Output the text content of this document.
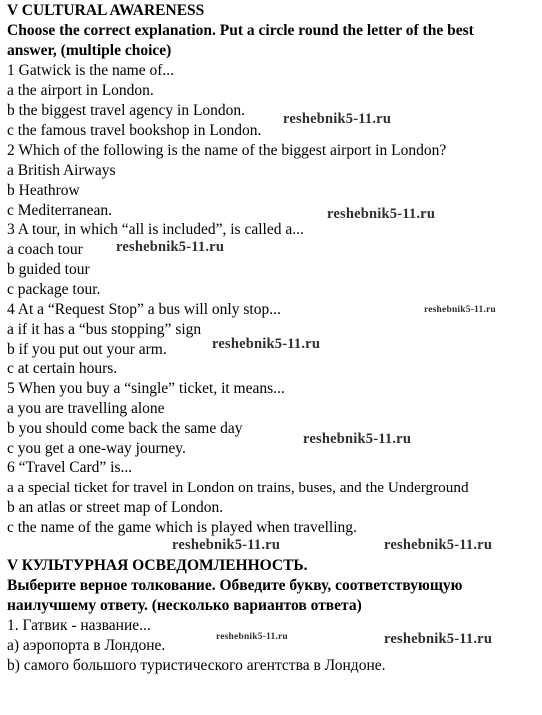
V CULTURAL AWARENESS
Choose the correct explanation. Put a circle round the letter of the best
answer, (multiple choice)
1 Gatwick is the name of...
a the airport in London.
b the biggest travel agency in London.
c the famous travel bookshop in London.
2 Which of the following is the name of the biggest airport in London?
a British Airways
b Heathrow
c Mediterranean.
3 A tour, in which “all is included”, is called a...
a coach tour
b guided tour
c package tour.
4 At a “Request Stop” a bus will only stop...
a if it has a “bus stopping” sign
b if you put out your arm.
c at certain hours.
5 When you buy a “single” ticket, it means...
a you are travelling alone
b you should come back the same day
c you get a one-way journey.
6 “Travel Card” is...
a a special ticket for travel in London on trains, buses, and the Underground
b an atlas or street map of London.
c the name of the game which is played when travelling.
V КУЛЬТУРНАЯ ОСВЕДОМЛЕННОСТЬ.
Выберите верное толкование. Обведите букву, соответствующую
наилучшему ответу. (несколько вариантов ответа)
1. Гатвик - название...
а) аэропорта в Лондоне.
b) самого большого туристического агентства в Лондоне.
reshebnik5-11.ru
reshebnik5-11.ru
reshebnik5-11.ru
reshebnik5-11.ru
reshebnik5-11.ru
reshebnik5-11.ru
reshebnik5-11.ru	reshebnik5-11.ru
reshebnik5-11.ru	reshebnik5-11.ru
